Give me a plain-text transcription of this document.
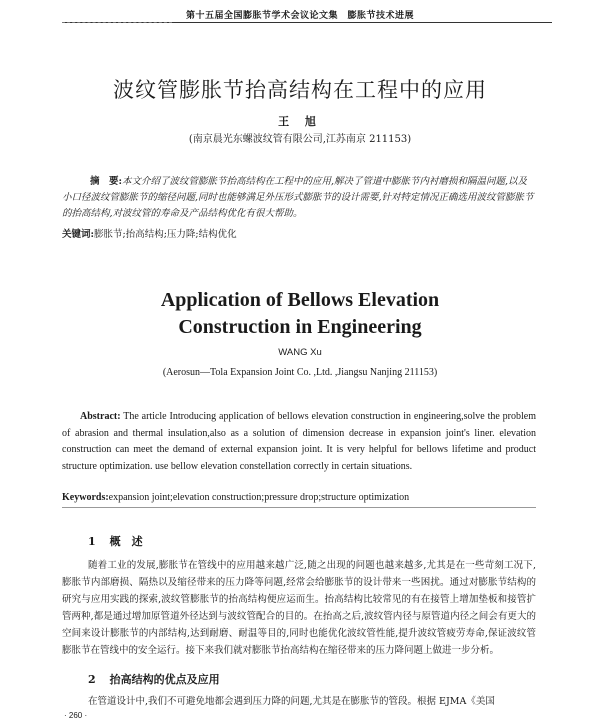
第十五届全国膨胀节学术会议论文集　膨胀节技术进展
波纹管膨胀节抬高结构在工程中的应用
王 旭
(南京晨光东螺波纹管有限公司,江苏南京 211153)
摘　要:本文介绍了波纹管膨胀节抬高结构在工程中的应用,解决了管道中膨胀节内衬磨损和隔温问题,以及小口径波纹管膨胀节的缩径问题,同时也能够满足外压形式膨胀节的设计需要,针对特定情况正确选用波纹管膨胀节的抬高结构,对波纹管的寿命及产品结构优化有很大帮助。
关键词:膨胀节;抬高结构;压力降;结构优化
Application of Bellows Elevation
Construction in Engineering
WANG Xu
(Aerosun—Tola Expansion Joint Co. ,Ltd. ,Jiangsu Nanjing 211153)
Abstract: The article Introducing application of bellows elevation construction in engineering,solve the problem of abrasion and thermal insulation,also as a solution of dimension decrease in expansion joint's liner. elevation construction can meet the demand of external expansion joint. It is very helpful for bellows lifetime and product structure optimization. use bellow elevation constellation correctly in certain situations.
Keywords:expansion joint;elevation construction;pressure drop;structure optimization
1 概　述
随着工业的发展,膨胀节在管线中的应用越来越广泛,随之出现的问题也越来越多,尤其是在一些苛刻工况下,膨胀节内部磨损、隔热以及缩径带来的压力降等问题,经常会给膨胀节的设计带来一些困扰。通过对膨胀节结构的研究与应用实践的探索,波纹管膨胀节的抬高结构便应运而生。抬高结构比较常见的有在接管上增加垫板和接管扩管两种,都是通过增加原管道外径达到与波纹管配合的目的。在抬高之后,波纹管内径与原管道内径之间会有更大的空间来设计膨胀节的内部结构,达到耐磨、耐温等目的,同时也能优化波纹管性能,提升波纹管疲劳寿命,保证波纹管膨胀节在管线中的安全运行。接下来我们就对膨胀节抬高结构在缩径带来的压力降问题上做进一步分析。
2 抬高结构的优点及应用
在管道设计中,我们不可避免地都会遇到压力降的问题,尤其是在膨胀节的管段。根据 EJMA《美国
· 260 ·
